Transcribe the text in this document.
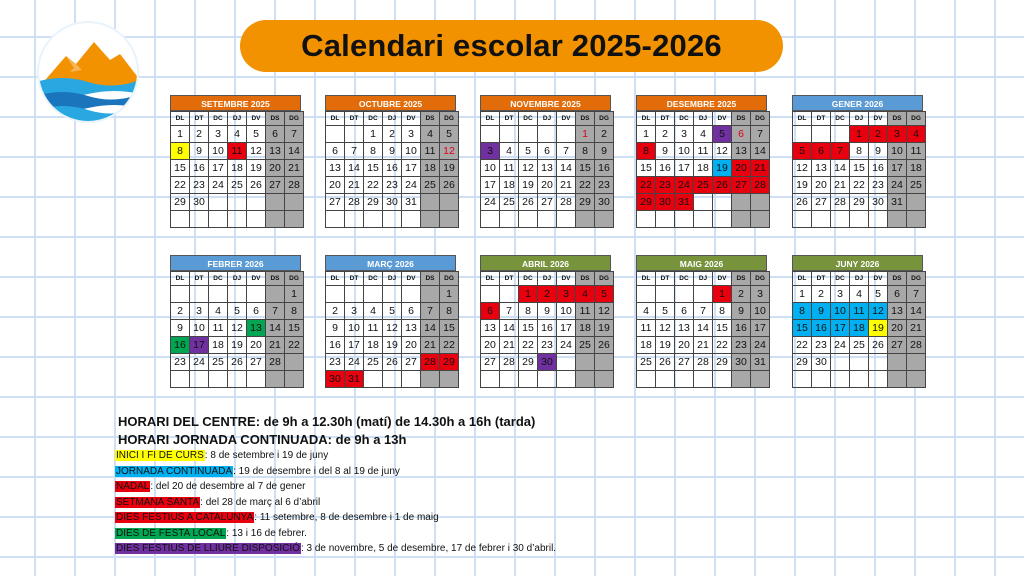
Calendari escolar 2025-2026
SETEMBRE 2025
DL	DT	DC	DJ	DV	DS	DG
1	2	3	4	5	6	7
8	9	10	11	12	13	14
15	16	17	18	19	20	21
22	23	24	25	26	27	28
29	30					

OCTUBRE 2025
DL	DT	DC	DJ	DV	DS	DG
		1	2	3	4	5
6	7	8	9	10	11	12
13	14	15	16	17	18	19
20	21	22	23	24	25	26
27	28	29	30	31		

NOVEMBRE 2025
DL	DT	DC	DJ	DV	DS	DG
					1	2
3	4	5	6	7	8	9
10	11	12	13	14	15	16
17	18	19	20	21	22	23
24	25	26	27	28	29	30

DESEMBRE 2025
DL	DT	DC	DJ	DV	DS	DG
1	2	3	4	5	6	7
8	9	10	11	12	13	14
15	16	17	18	19	20	21
22	23	24	25	26	27	28
29	30	31				

GENER 2026
DL	DT	DC	DJ	DV	DS	DG
			1	2	3	4
5	6	7	8	9	10	11
12	13	14	15	16	17	18
19	20	21	22	23	24	25
26	27	28	29	30	31	

FEBRER 2026
DL	DT	DC	DJ	DV	DS	DG
						1
2	3	4	5	6	7	8
9	10	11	12	13	14	15
16	17	18	19	20	21	22
23	24	25	26	27	28	

MARÇ 2026
DL	DT	DC	DJ	DV	DS	DG
						1
2	3	4	5	6	7	8
9	10	11	12	13	14	15
16	17	18	19	20	21	22
23	24	25	26	27	28	29
30	31					
ABRIL 2026
DL	DT	DC	DJ	DV	DS	DG
		1	2	3	4	5
6	7	8	9	10	11	12
13	14	15	16	17	18	19
20	21	22	23	24	25	26
27	28	29	30			

MAIG 2026
DL	DT	DC	DJ	DV	DS	DG
				1	2	3
4	5	6	7	8	9	10
11	12	13	14	15	16	17
18	19	20	21	22	23	24
25	26	27	28	29	30	31

JUNY 2026
DL	DT	DC	DJ	DV	DS	DG
1	2	3	4	5	6	7
8	9	10	11	12	13	14
15	16	17	18	19	20	21
22	23	24	25	26	27	28
29	30					

HORARI DEL CENTRE: de 9h a 12.30h (matí) de 14.30h a 16h (tarda)
HORARI JORNADA CONTINUADA: de 9h a 13h
INICI I FI DE CURS: 8 de setembre i 19 de juny
JORNADA CONTINUADA: 19 de desembre i del 8 al 19 de juny
NADAL: del 20 de desembre al 7 de gener
SETMANA SANTA: del 28 de març al 6 d’abril
DIES FESTIUS A CATALUNYA: 11 setembre, 8 de desembre i 1 de maig
DIES DE FESTA LOCAL: 13 i 16 de febrer.
DIES FESTIUS DE LLIURE DISPOSICIÓ: 3 de novembre, 5 de desembre, 17 de febrer i 30 d’abril.
